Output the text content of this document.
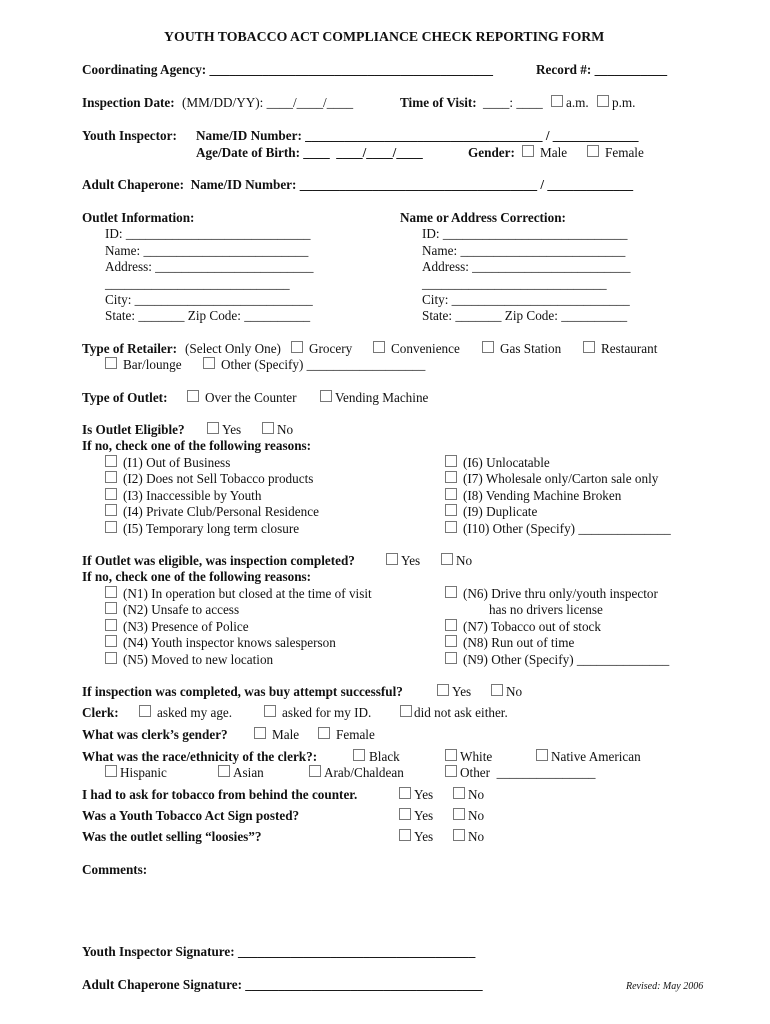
YOUTH TOBACCO ACT COMPLIANCE CHECK REPORTING FORM
Coordinating Agency: ___________________________________________	Record #: ___________
Inspection Date: (MM/DD/YY): ____/____/____	Time of Visit: ____: ____ a.m. p.m.
Youth Inspector: Name/ID Number: ____________________________________ / _____________
Age/Date of Birth: ____  ____/____/____	Gender: Male	Female
Adult Chaperone:  Name/ID Number: ____________________________________ / _____________
Outlet Information:
ID: ____________________________
Name: _________________________
Address: ________________________
____________________________
City: ___________________________
State: _______ Zip Code: __________
Name or Address Correction:
ID: ____________________________
Name: _________________________
Address: ________________________
____________________________
City: ___________________________
State: _______ Zip Code: __________
Type of Retailer: (Select Only One) Grocery	Convenience	Gas Station	Restaurant
Bar/lounge	Other (Specify) __________________
Type of Outlet:	Over the Counter	Vending Machine
Is Outlet Eligible?	Yes	No
If no, check one of the following reasons:
(I1) Out of Business
(I2) Does not Sell Tobacco products
(I3) Inaccessible by Youth
(I4) Private Club/Personal Residence
(I5) Temporary long term closure
(I6) Unlocatable
(I7) Wholesale only/Carton sale only
(I8) Vending Machine Broken
(I9) Duplicate
(I10) Other (Specify) ______________
If Outlet was eligible, was inspection completed?	Yes	No
If no, check one of the following reasons:
(N1) In operation but closed at the time of visit
(N2) Unsafe to access
(N3) Presence of Police
(N4) Youth inspector knows salesperson
(N5) Moved to new location
(N6) Drive thru only/youth inspector
has no drivers license
(N7) Tobacco out of stock
(N8) Run out of time
(N9) Other (Specify) ______________
If inspection was completed, was buy attempt successful?	Yes	No
Clerk:	asked my age.	asked for my ID.	did not ask either.
What was clerk’s gender?	Male	Female
What was the race/ethnicity of the clerk?:	Black	White	Native American
Hispanic	Asian	Arab/Chaldean	Other  _______________
I had to ask for tobacco from behind the counter.	Yes	No
Was a Youth Tobacco Act Sign posted?	Yes	No
Was the outlet selling “loosies”?	Yes	No
Comments:
Youth Inspector Signature: ____________________________________
Adult Chaperone Signature: ____________________________________	Revised: May 2006
